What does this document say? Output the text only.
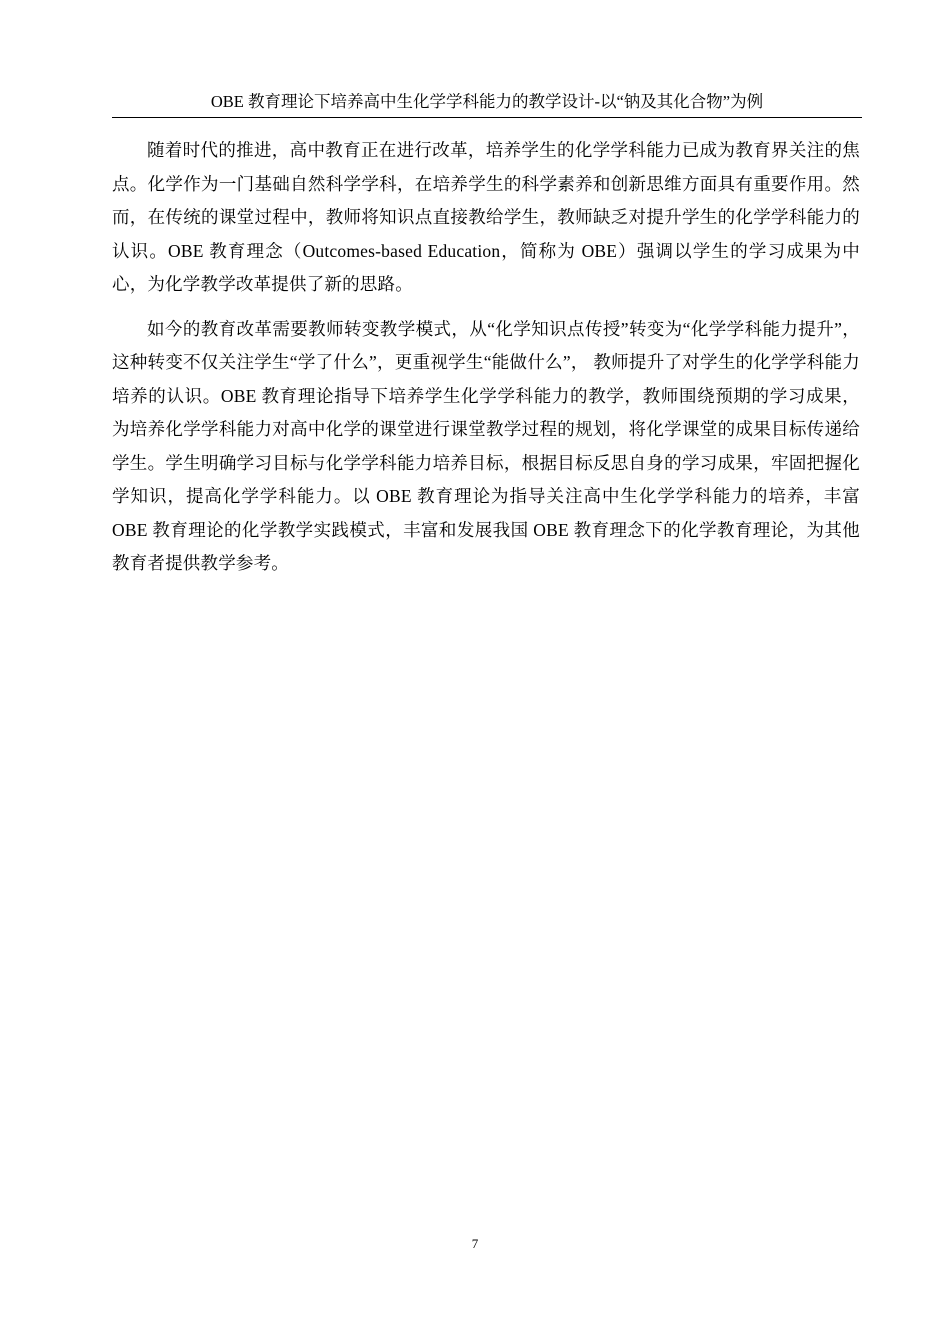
OBE 教育理论下培养高中生化学学科能力的教学设计-以“钠及其化合物”为例

随着时代的推进，高中教育正在进行改革，培养学生的化学学科能力已成为教育界关注的焦点。化学作为一门基础自然科学学科，在培养学生的科学素养和创新思维方面具有重要作用。然而，在传统的课堂过程中，教师将知识点直接教给学生，教师缺乏对提升学生的化学学科能力的认识。OBE 教育理念（Outcomes-based Education，简称为 OBE）强调以学生的学习成果为中心，为化学教学改革提供了新的思路。

如今的教育改革需要教师转变教学模式，从“化学知识点传授”转变为“化学学科能力提升”，这种转变不仅关注学生“学了什么”，更重视学生“能做什么”， 教师提升了对学生的化学学科能力培养的认识。OBE 教育理论指导下培养学生化学学科能力的教学，教师围绕预期的学习成果，为培养化学学科能力对高中化学的课堂进行课堂教学过程的规划，将化学课堂的成果目标传递给学生。学生明确学习目标与化学学科能力培养目标，根据目标反思自身的学习成果，牢固把握化学知识，提高化学学科能力。以 OBE 教育理论为指导关注高中生化学学科能力的培养，丰富 OBE 教育理论的化学教学实践模式，丰富和发展我国 OBE 教育理念下的化学教育理论，为其他教育者提供教学参考。

7
